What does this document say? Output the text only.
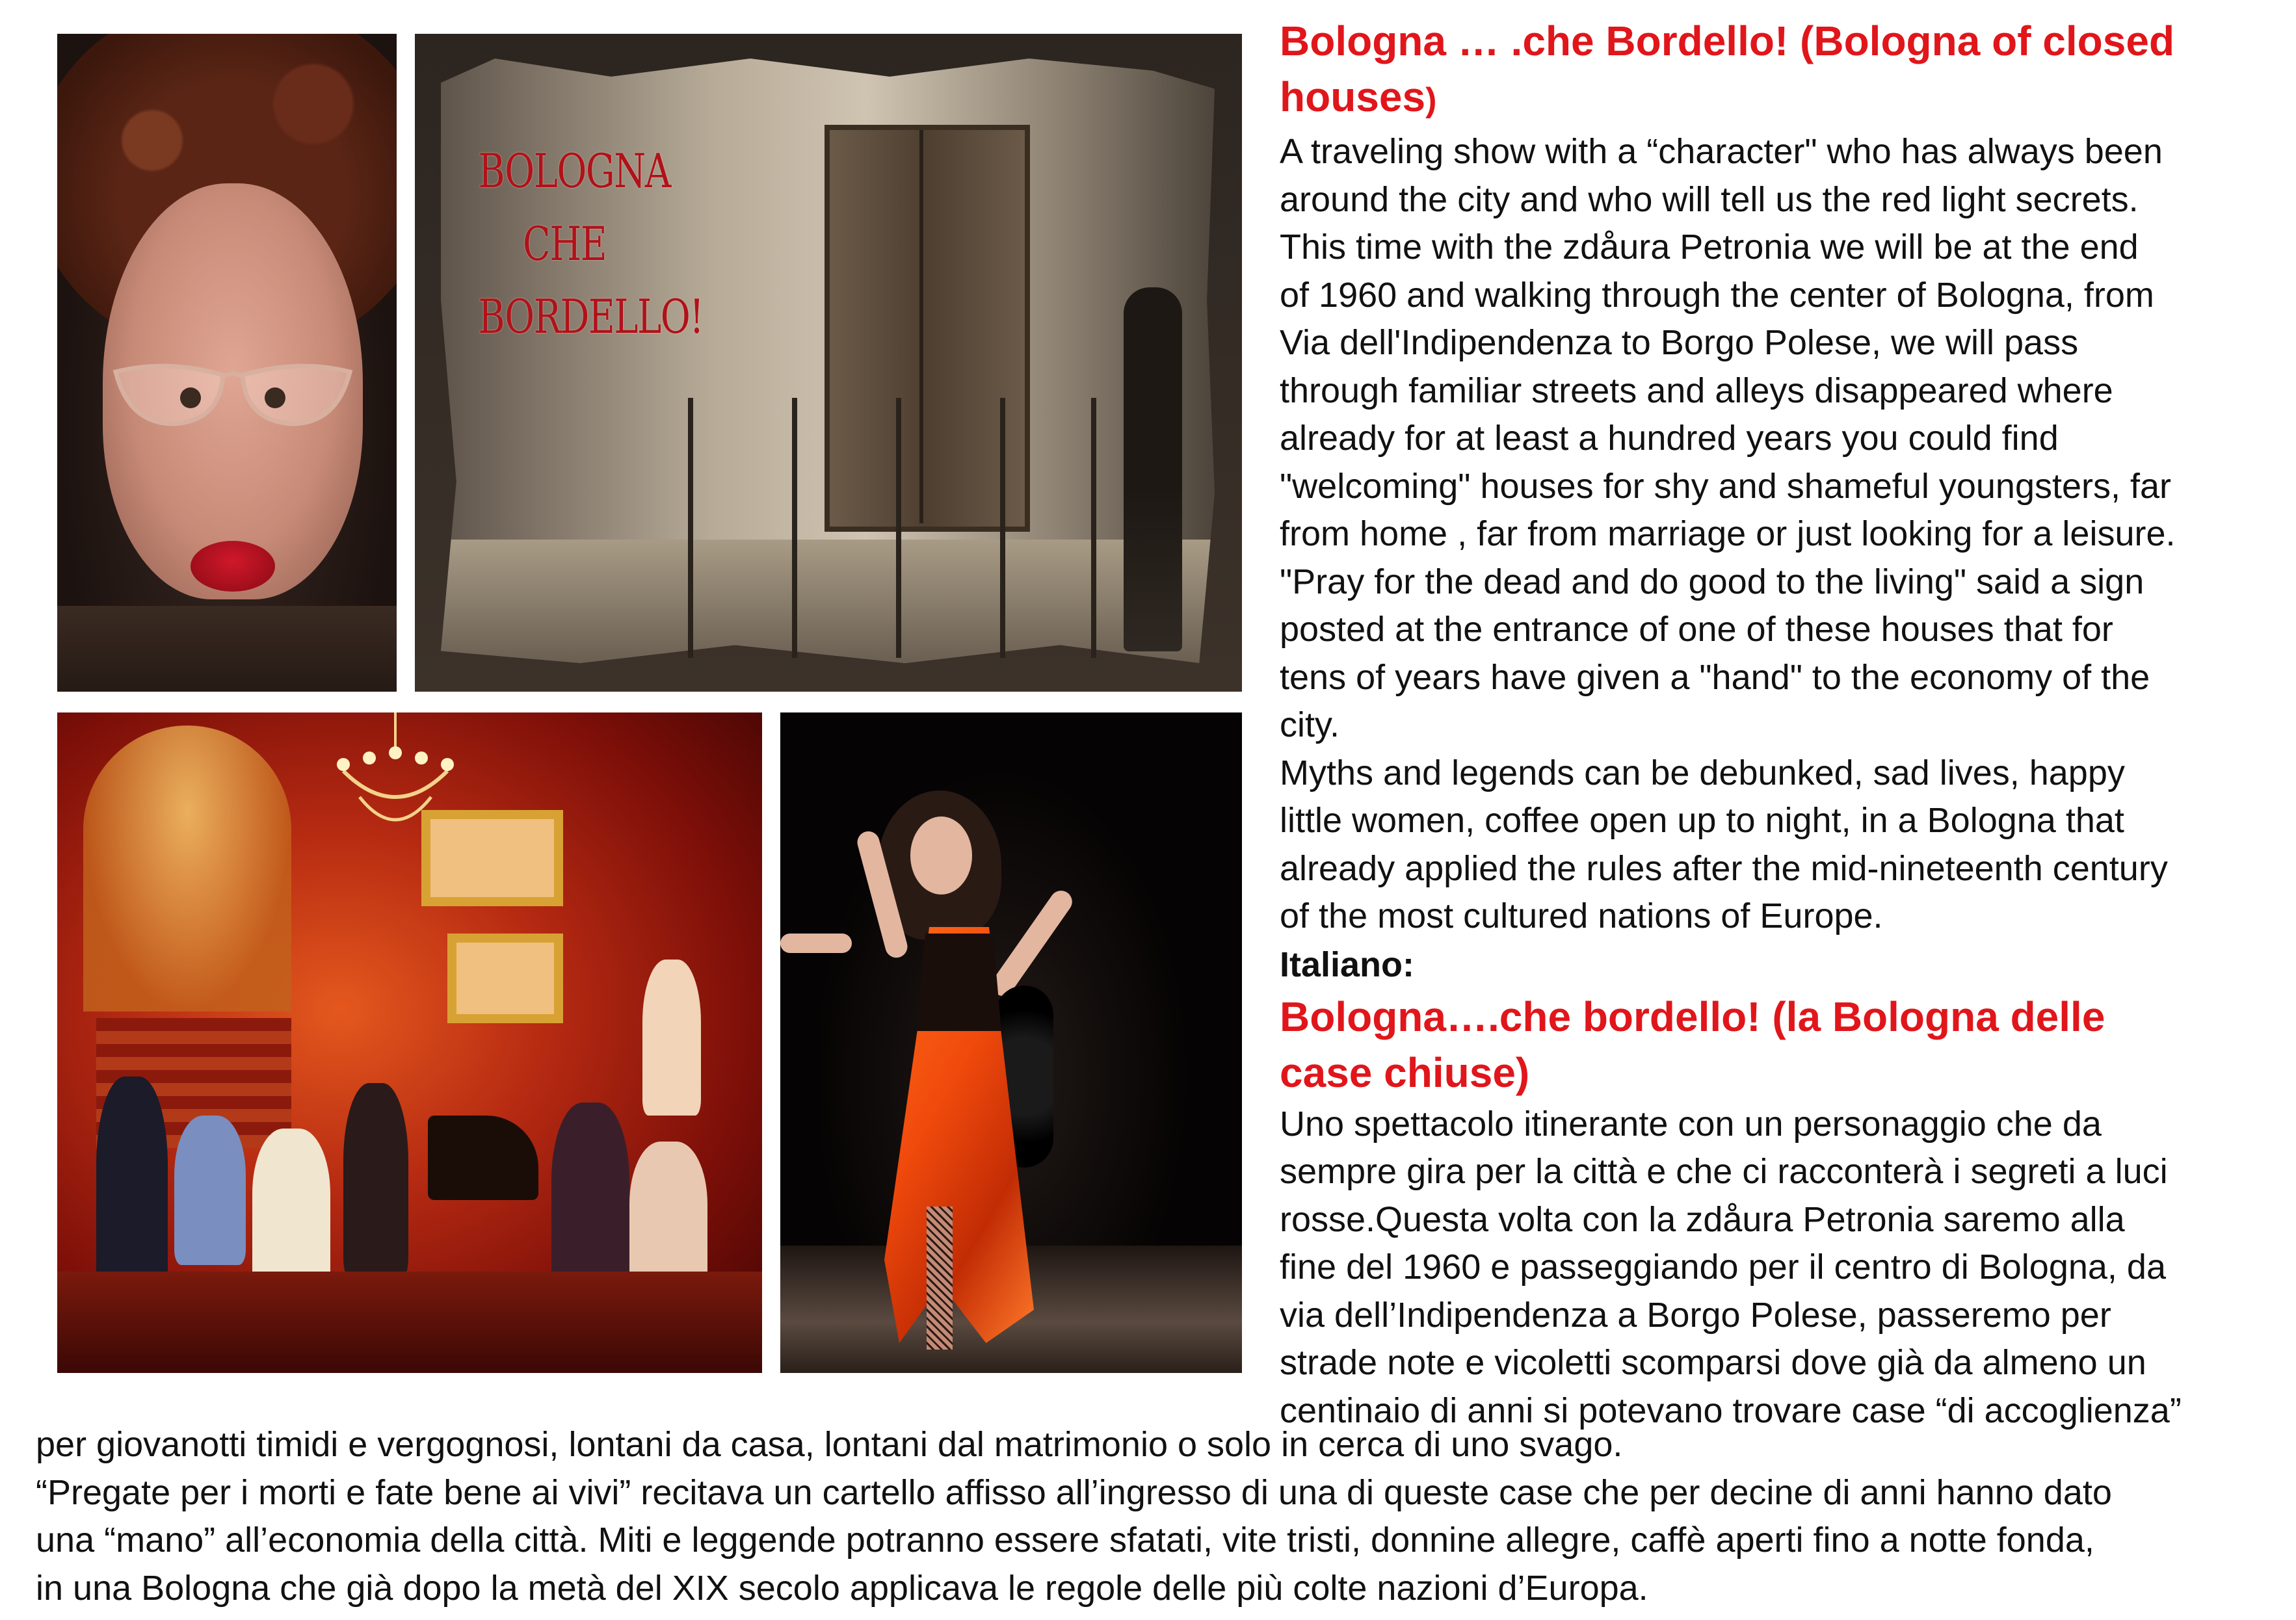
BOLOGNA
CHE
BORDELLO!
Bologna … .che Bordello! (Bologna of closed houses)

A traveling show with a “character" who has always been

around the city and who will tell us the red light secrets.

This time with the zdåura Petronia we will be at the end

of 1960 and walking through the center of Bologna, from

Via dell'Indipendenza to Borgo Polese, we will pass

through familiar streets and alleys disappeared where

already for at least a hundred years you could find

"welcoming" houses for shy and shameful youngsters, far

from home , far from marriage or just looking for a leisure.

"Pray for the dead and do good to the living" said a sign

posted at the entrance of one of these houses that for

tens of years have given a "hand" to the economy of the

city.

Myths and legends can be debunked, sad lives, happy

little women, coffee open up to night, in a Bologna that

already applied the rules after the mid-nineteenth century

of the most cultured nations of Europe.

Italiano:

Bologna….che bordello! (la Bologna delle case chiuse)

Uno spettacolo itinerante con un personaggio che da

sempre gira per la città e che ci racconterà i segreti a luci

rosse.Questa volta con la zdåura Petronia saremo alla

fine del 1960 e passeggiando per il centro di Bologna, da

via dell’Indipendenza a Borgo Polese, passeremo per

strade note e vicoletti scomparsi dove già da almeno un

centinaio di anni si potevano trovare case “di accoglienza”

per giovanotti timidi e vergognosi, lontani da casa, lontani dal matrimonio o solo in cerca di uno svago.

“Pregate per i morti e fate bene ai vivi” recitava un cartello affisso all’ingresso di una di queste case che per decine di anni hanno dato

una “mano” all’economia della città. Miti e leggende potranno essere sfatati, vite tristi, donnine allegre, caffè aperti fino a notte fonda,

in una Bologna che già dopo la metà del XIX secolo applicava le regole delle più colte nazioni d’Europa.
